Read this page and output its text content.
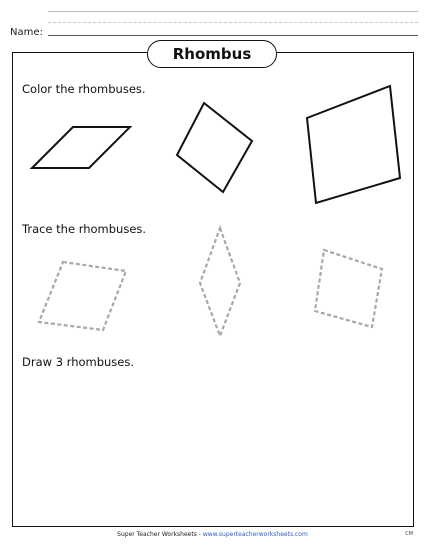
Name:
Rhombus
Color the rhombuses.
Trace the rhombuses.
Draw 3 rhombuses.
Super Teacher Worksheets - www.superteacherworksheets.com	CM
